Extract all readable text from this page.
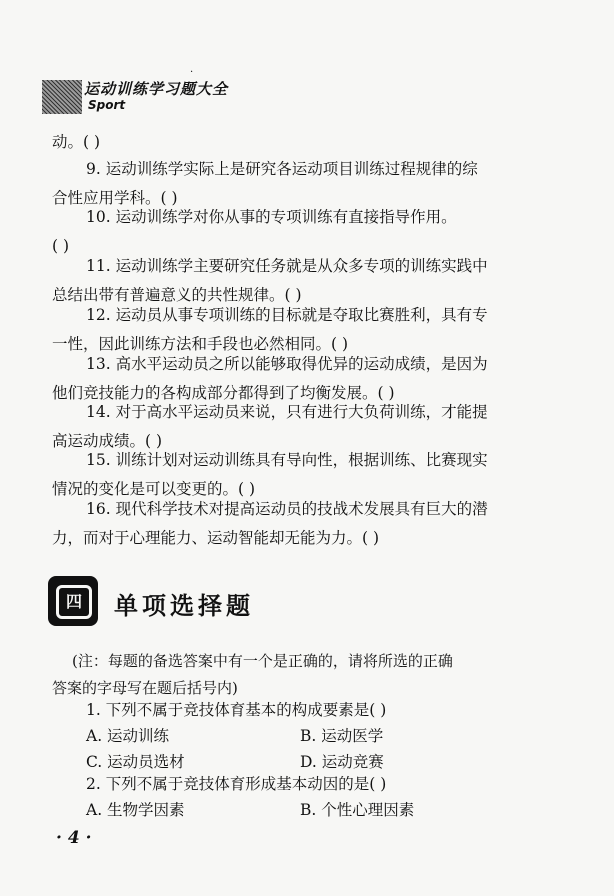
.
运动训练学习题大全
Sport
动。( )
9. 运动训练学实际上是研究各运动项目训练过程规律的综
合性应用学科。( )
10. 运动训练学对你从事的专项训练有直接指导作用。
( )
11. 运动训练学主要研究任务就是从众多专项的训练实践中
总结出带有普遍意义的共性规律。( )
12. 运动员从事专项训练的目标就是夺取比赛胜利，具有专
一性，因此训练方法和手段也必然相同。( )
13. 高水平运动员之所以能够取得优异的运动成绩，是因为
他们竞技能力的各构成部分都得到了均衡发展。( )
14. 对于高水平运动员来说，只有进行大负荷训练，才能提
高运动成绩。( )
15. 训练计划对运动训练具有导向性，根据训练、比赛现实
情况的变化是可以变更的。( )
16. 现代科学技术对提高运动员的技战术发展具有巨大的潜
力，而对于心理能力、运动智能却无能为力。( )
四	单项选择题
(注：每题的备选答案中有一个是正确的，请将所选的正确
答案的字母写在题后括号内)
1. 下列不属于竞技体育基本的构成要素是( )
A. 运动训练	B. 运动医学
C. 运动员选材	D. 运动竞赛
2. 下列不属于竞技体育形成基本动因的是( )
A. 生物学因素	B. 个性心理因素
· 4 ·
